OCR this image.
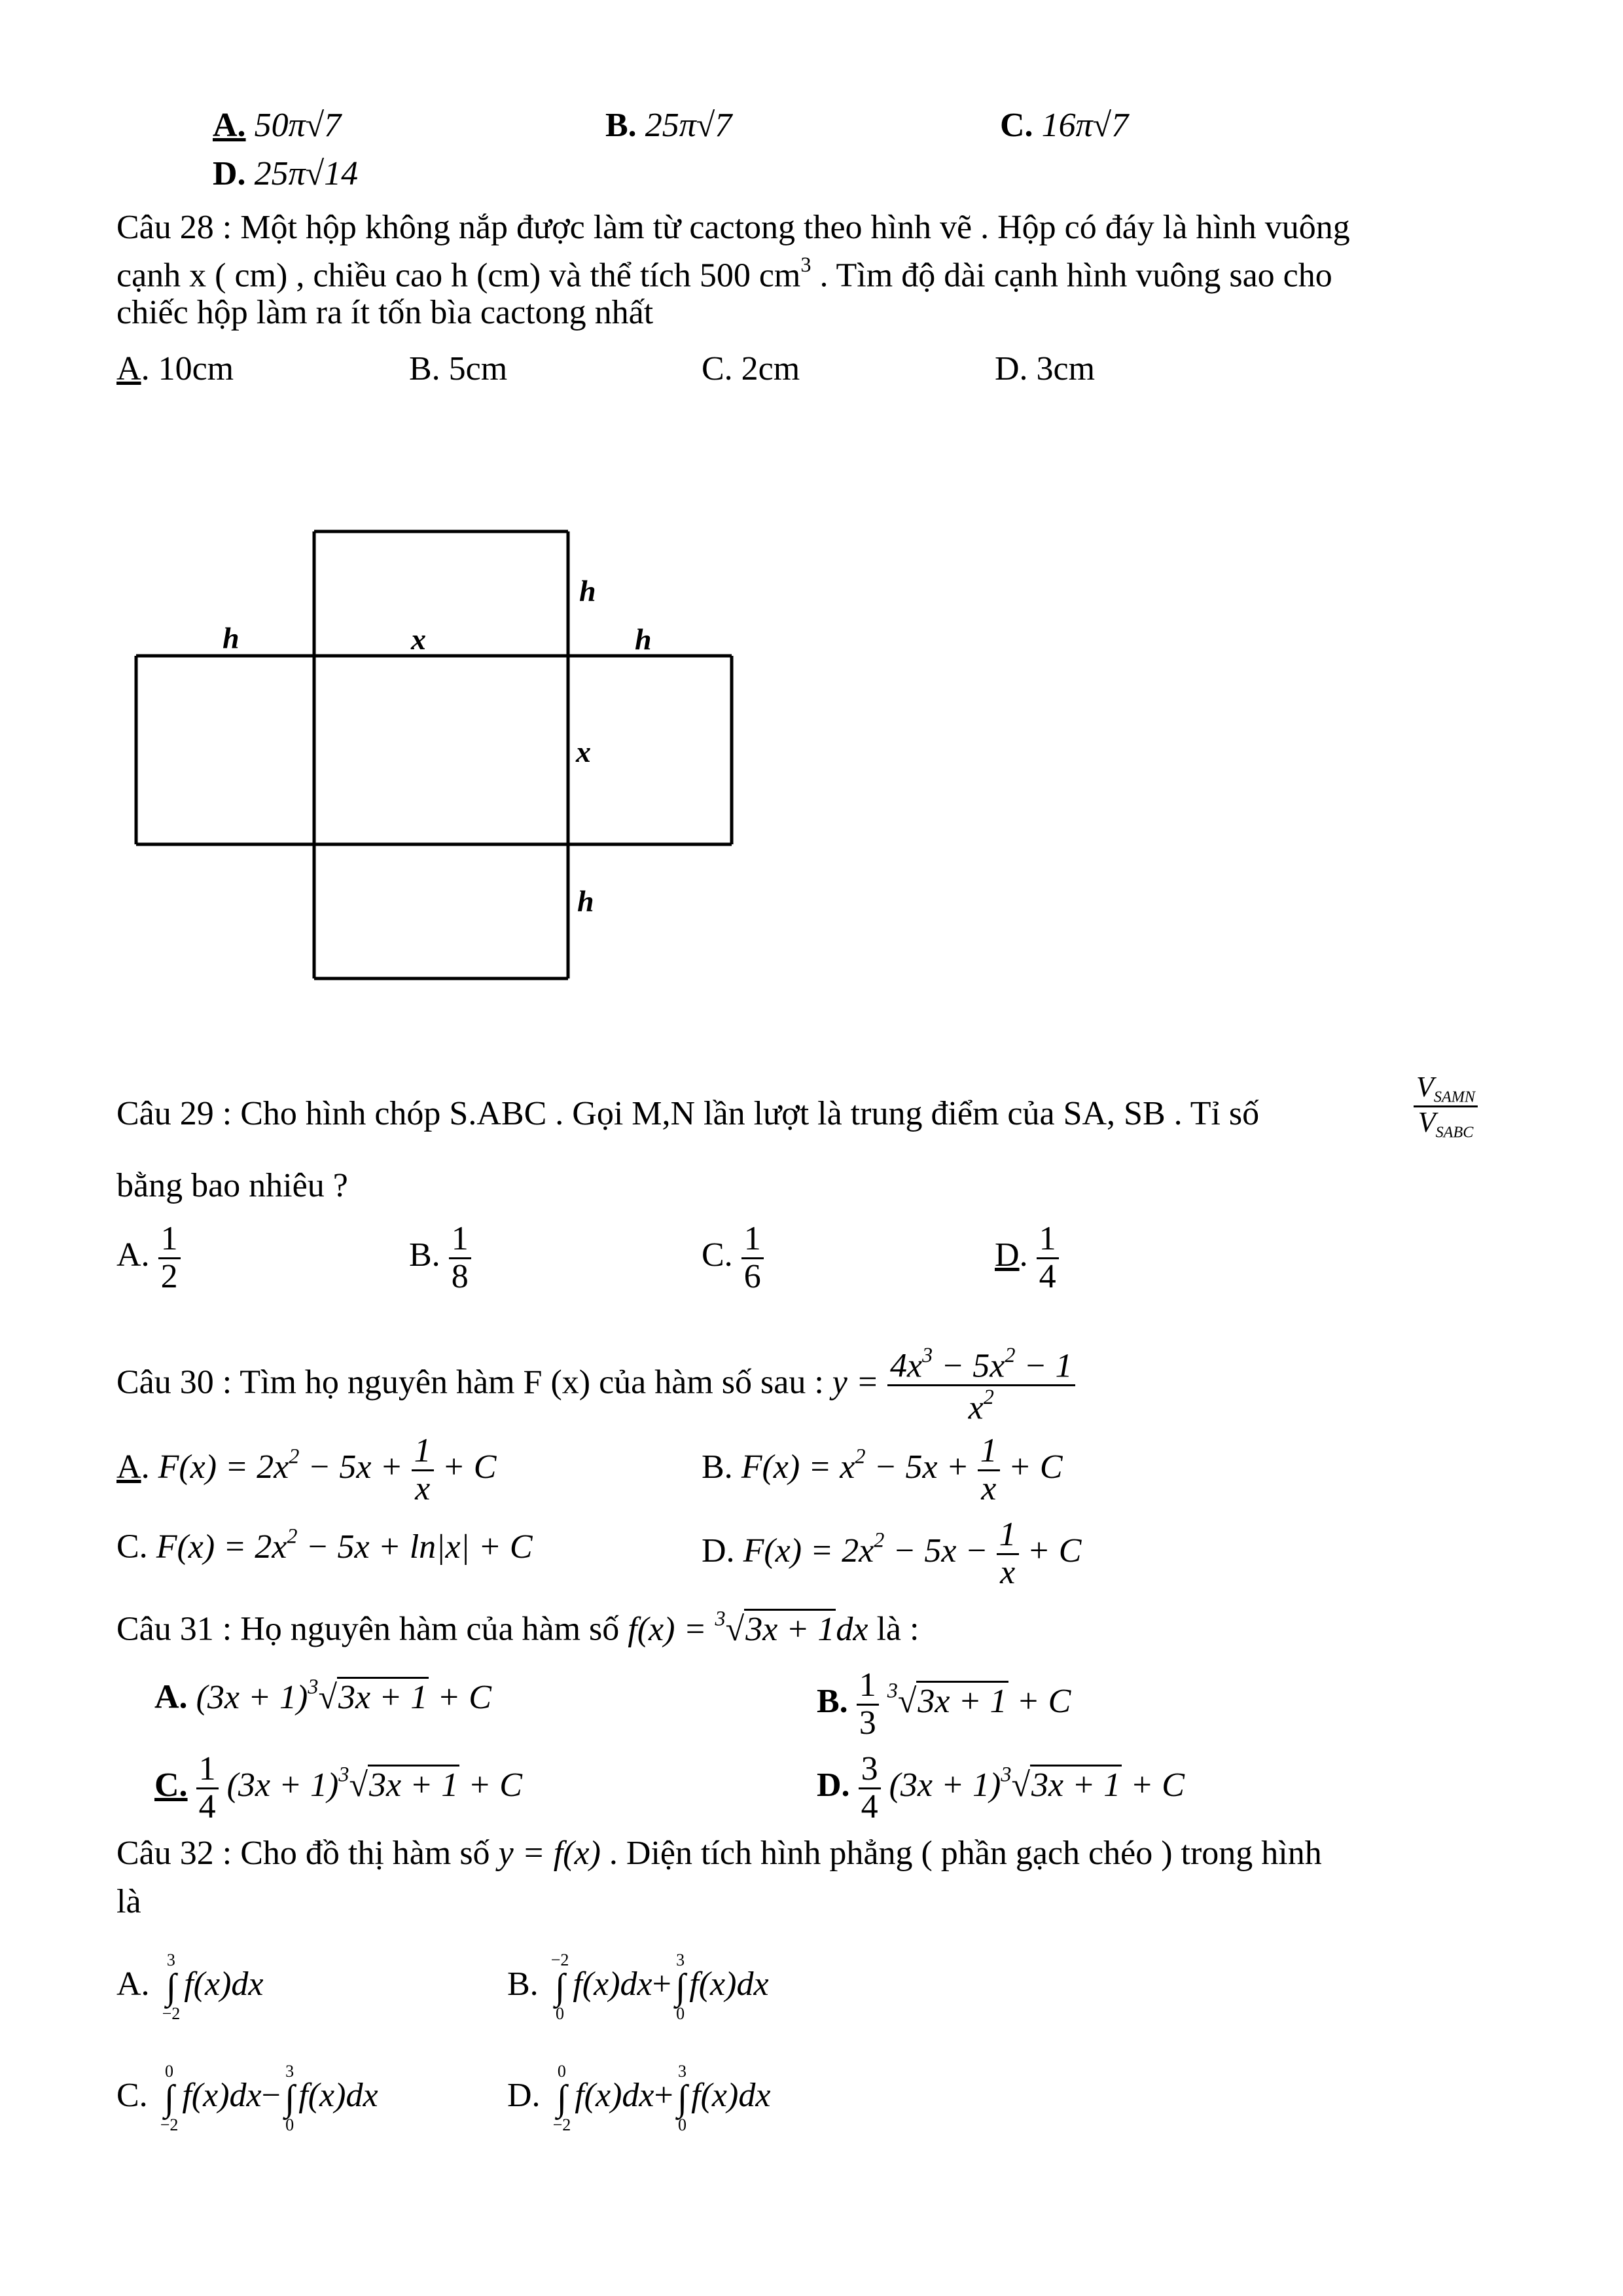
A. 50π√7	B. 25π√7	C. 16π√7
D. 25π√14
Câu 28 : Một hộp không nắp được làm từ cactong theo hình vẽ . Hộp có đáy là hình vuông
cạnh x ( cm) , chiều cao h (cm) và thể tích 500 $cm^3$ . Tìm độ dài cạnh hình vuông sao cho
chiếc hộp làm ra ít tốn bìa cactong nhất
A. 10cm	B. 5cm	C. 2cm	D. 3cm
h
h	x	h
x
h
Câu 29 : Cho hình chóp S.ABC . Gọi M,N lần lượt là trung điểm của SA, SB . Tỉ số	$\frac{V_{SAMN}}{V_{SABC}}$
bằng bao nhiêu ?
A. $\frac{1}{2}$	B. $\frac{1}{8}$	C. $\frac{1}{6}$	D. $\frac{1}{4}$
Câu 30 : Tìm họ nguyên hàm F (x) của hàm số sau : $y = \frac{4x^3 - 5x^2 - 1}{x^2}$
A. $F(x) = 2x^2 - 5x + \frac{1}{x} + C$	B. $F(x) = x^2 - 5x + \frac{1}{x} + C$
C. $F(x) = 2x^2 - 5x + \ln|x| + C$	D. $F(x) = 2x^2 - 5x - \frac{1}{x} + C$
Câu 31 : Họ nguyên hàm của hàm số f(x) = $^3$√3x + 1dx là :
A. $(3x + 1)^3√3x + 1 + C$	B. $\frac{1}{3} ^3√3x + 1 + C$
C. $\frac{1}{4} (3x + 1)^3√3x + 1 + C$	D. $\frac{3}{4} (3x + 1)^3√3x + 1 + C$
Câu 32 : Cho đồ thị hàm số y = f(x) . Diện tích hình phẳng ( phần gạch chéo ) trong hình
là
A.
3
∫
−2
f(x)dx	B.
−2
∫
0
f(x)dx+
3
∫
0
f(x)dx
C.
0
∫
−2
f(x)dx−
3
∫
0
f(x)dx	D.
0
∫
−2
f(x)dx+
3
∫
0
f(x)dx
